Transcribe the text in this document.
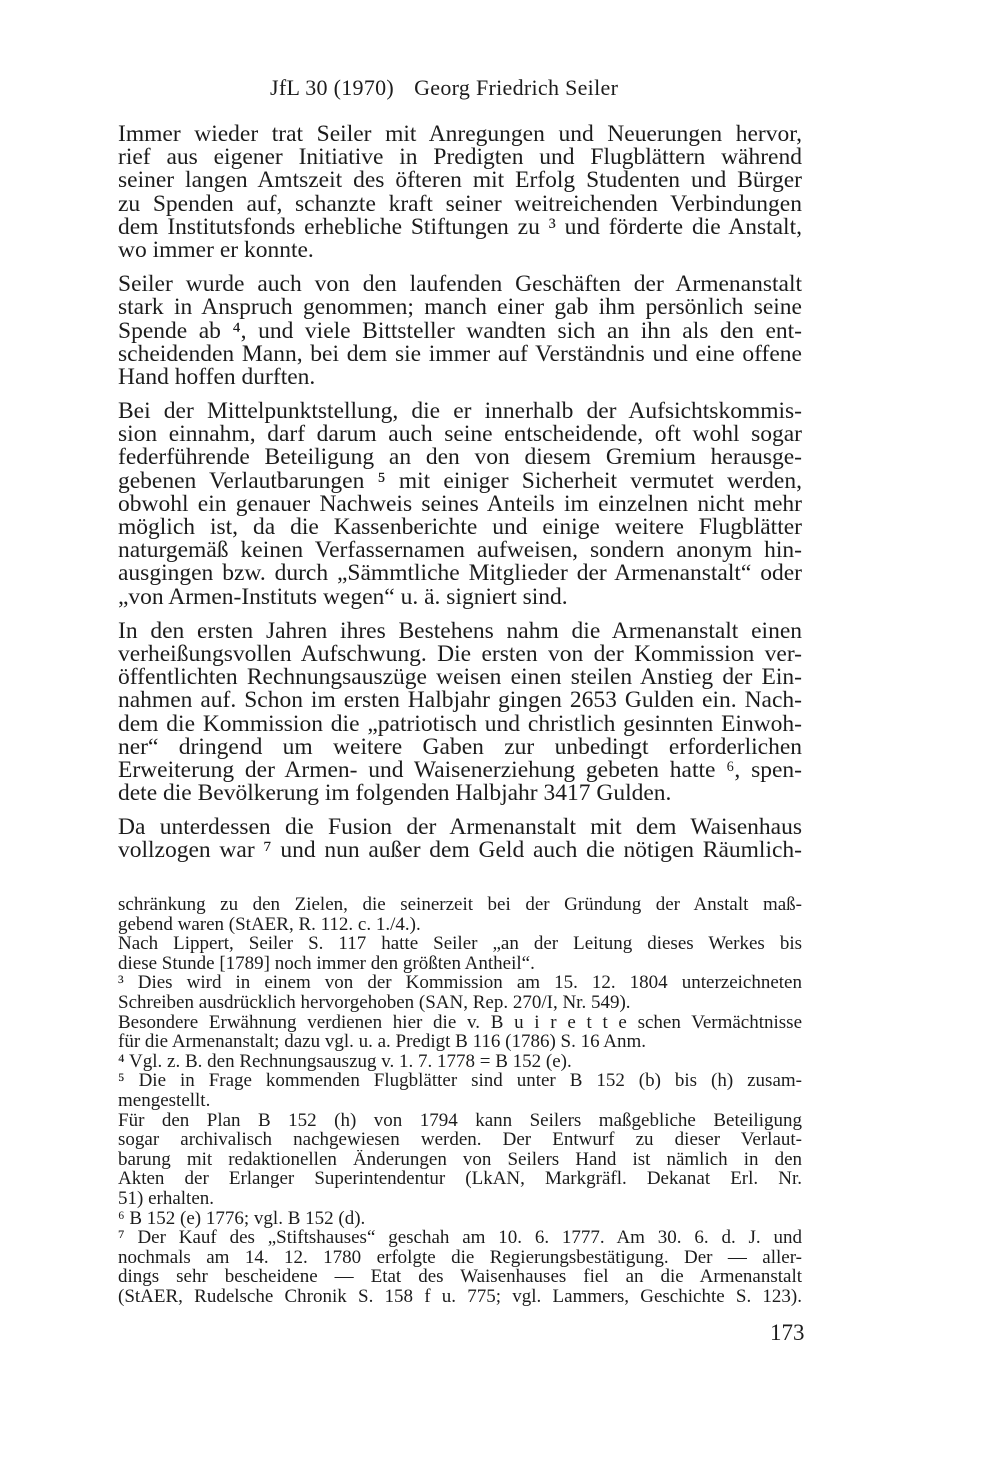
JfL 30 (1970) Georg Friedrich Seiler
Immer wieder trat Seiler mit Anregungen und Neuerungen hervor,
rief aus eigener Initiative in Predigten und Flugblättern während
seiner langen Amtszeit des öfteren mit Erfolg Studenten und Bürger
zu Spenden auf, schanzte kraft seiner weitreichenden Verbindungen
dem Institutsfonds erhebliche Stiftungen zu ³ und förderte die Anstalt,
wo immer er konnte.
Seiler wurde auch von den laufenden Geschäften der Armenanstalt
stark in Anspruch genommen; manch einer gab ihm persönlich seine
Spende ab ⁴, und viele Bittsteller wandten sich an ihn als den ent-
scheidenden Mann, bei dem sie immer auf Verständnis und eine offene
Hand hoffen durften.
Bei der Mittelpunktstellung, die er innerhalb der Aufsichtskommis-
sion einnahm, darf darum auch seine entscheidende, oft wohl sogar
federführende Beteiligung an den von diesem Gremium herausge-
gebenen Verlautbarungen ⁵ mit einiger Sicherheit vermutet werden,
obwohl ein genauer Nachweis seines Anteils im einzelnen nicht mehr
möglich ist, da die Kassenberichte und einige weitere Flugblätter
naturgemäß keinen Verfassernamen aufweisen, sondern anonym hin-
ausgingen bzw. durch „Sämmtliche Mitglieder der Armenanstalt“ oder
„von Armen-Instituts wegen“ u. ä. signiert sind.
In den ersten Jahren ihres Bestehens nahm die Armenanstalt einen
verheißungsvollen Aufschwung. Die ersten von der Kommission ver-
öffentlichten Rechnungsauszüge weisen einen steilen Anstieg der Ein-
nahmen auf. Schon im ersten Halbjahr gingen 2653 Gulden ein. Nach-
dem die Kommission die „patriotisch und christlich gesinnten Einwoh-
ner“ dringend um weitere Gaben zur unbedingt erforderlichen
Erweiterung der Armen- und Waisenerziehung gebeten hatte ⁶, spen-
dete die Bevölkerung im folgenden Halbjahr 3417 Gulden.
Da unterdessen die Fusion der Armenanstalt mit dem Waisenhaus
vollzogen war ⁷ und nun außer dem Geld auch die nötigen Räumlich-
schränkung zu den Zielen, die seinerzeit bei der Gründung der Anstalt maß-
gebend waren (StAER, R. 112. c. 1./4.).
Nach Lippert, Seiler S. 117 hatte Seiler „an der Leitung dieses Werkes bis
diese Stunde [1789] noch immer den größten Antheil“.
³ Dies wird in einem von der Kommission am 15. 12. 1804 unterzeichneten
Schreiben ausdrücklich hervorgehoben (SAN, Rep. 270/I, Nr. 549).
Besondere Erwähnung verdienen hier die v. B u i r e t t e schen Vermächtnisse
für die Armenanstalt; dazu vgl. u. a. Predigt B 116 (1786) S. 16 Anm.
⁴ Vgl. z. B. den Rechnungsauszug v. 1. 7. 1778 = B 152 (e).
⁵ Die in Frage kommenden Flugblätter sind unter B 152 (b) bis (h) zusam-
mengestellt.
Für den Plan B 152 (h) von 1794 kann Seilers maßgebliche Beteiligung
sogar archivalisch nachgewiesen werden. Der Entwurf zu dieser Verlaut-
barung mit redaktionellen Änderungen von Seilers Hand ist nämlich in den
Akten der Erlanger Superintendentur (LkAN, Markgräfl. Dekanat Erl. Nr.
51) erhalten.
⁶ B 152 (e) 1776; vgl. B 152 (d).
⁷ Der Kauf des „Stiftshauses“ geschah am 10. 6. 1777. Am 30. 6. d. J. und
nochmals am 14. 12. 1780 erfolgte die Regierungsbestätigung. Der — aller-
dings sehr bescheidene — Etat des Waisenhauses fiel an die Armenanstalt
(StAER, Rudelsche Chronik S. 158 f u. 775; vgl. Lammers, Geschichte S. 123).
173
